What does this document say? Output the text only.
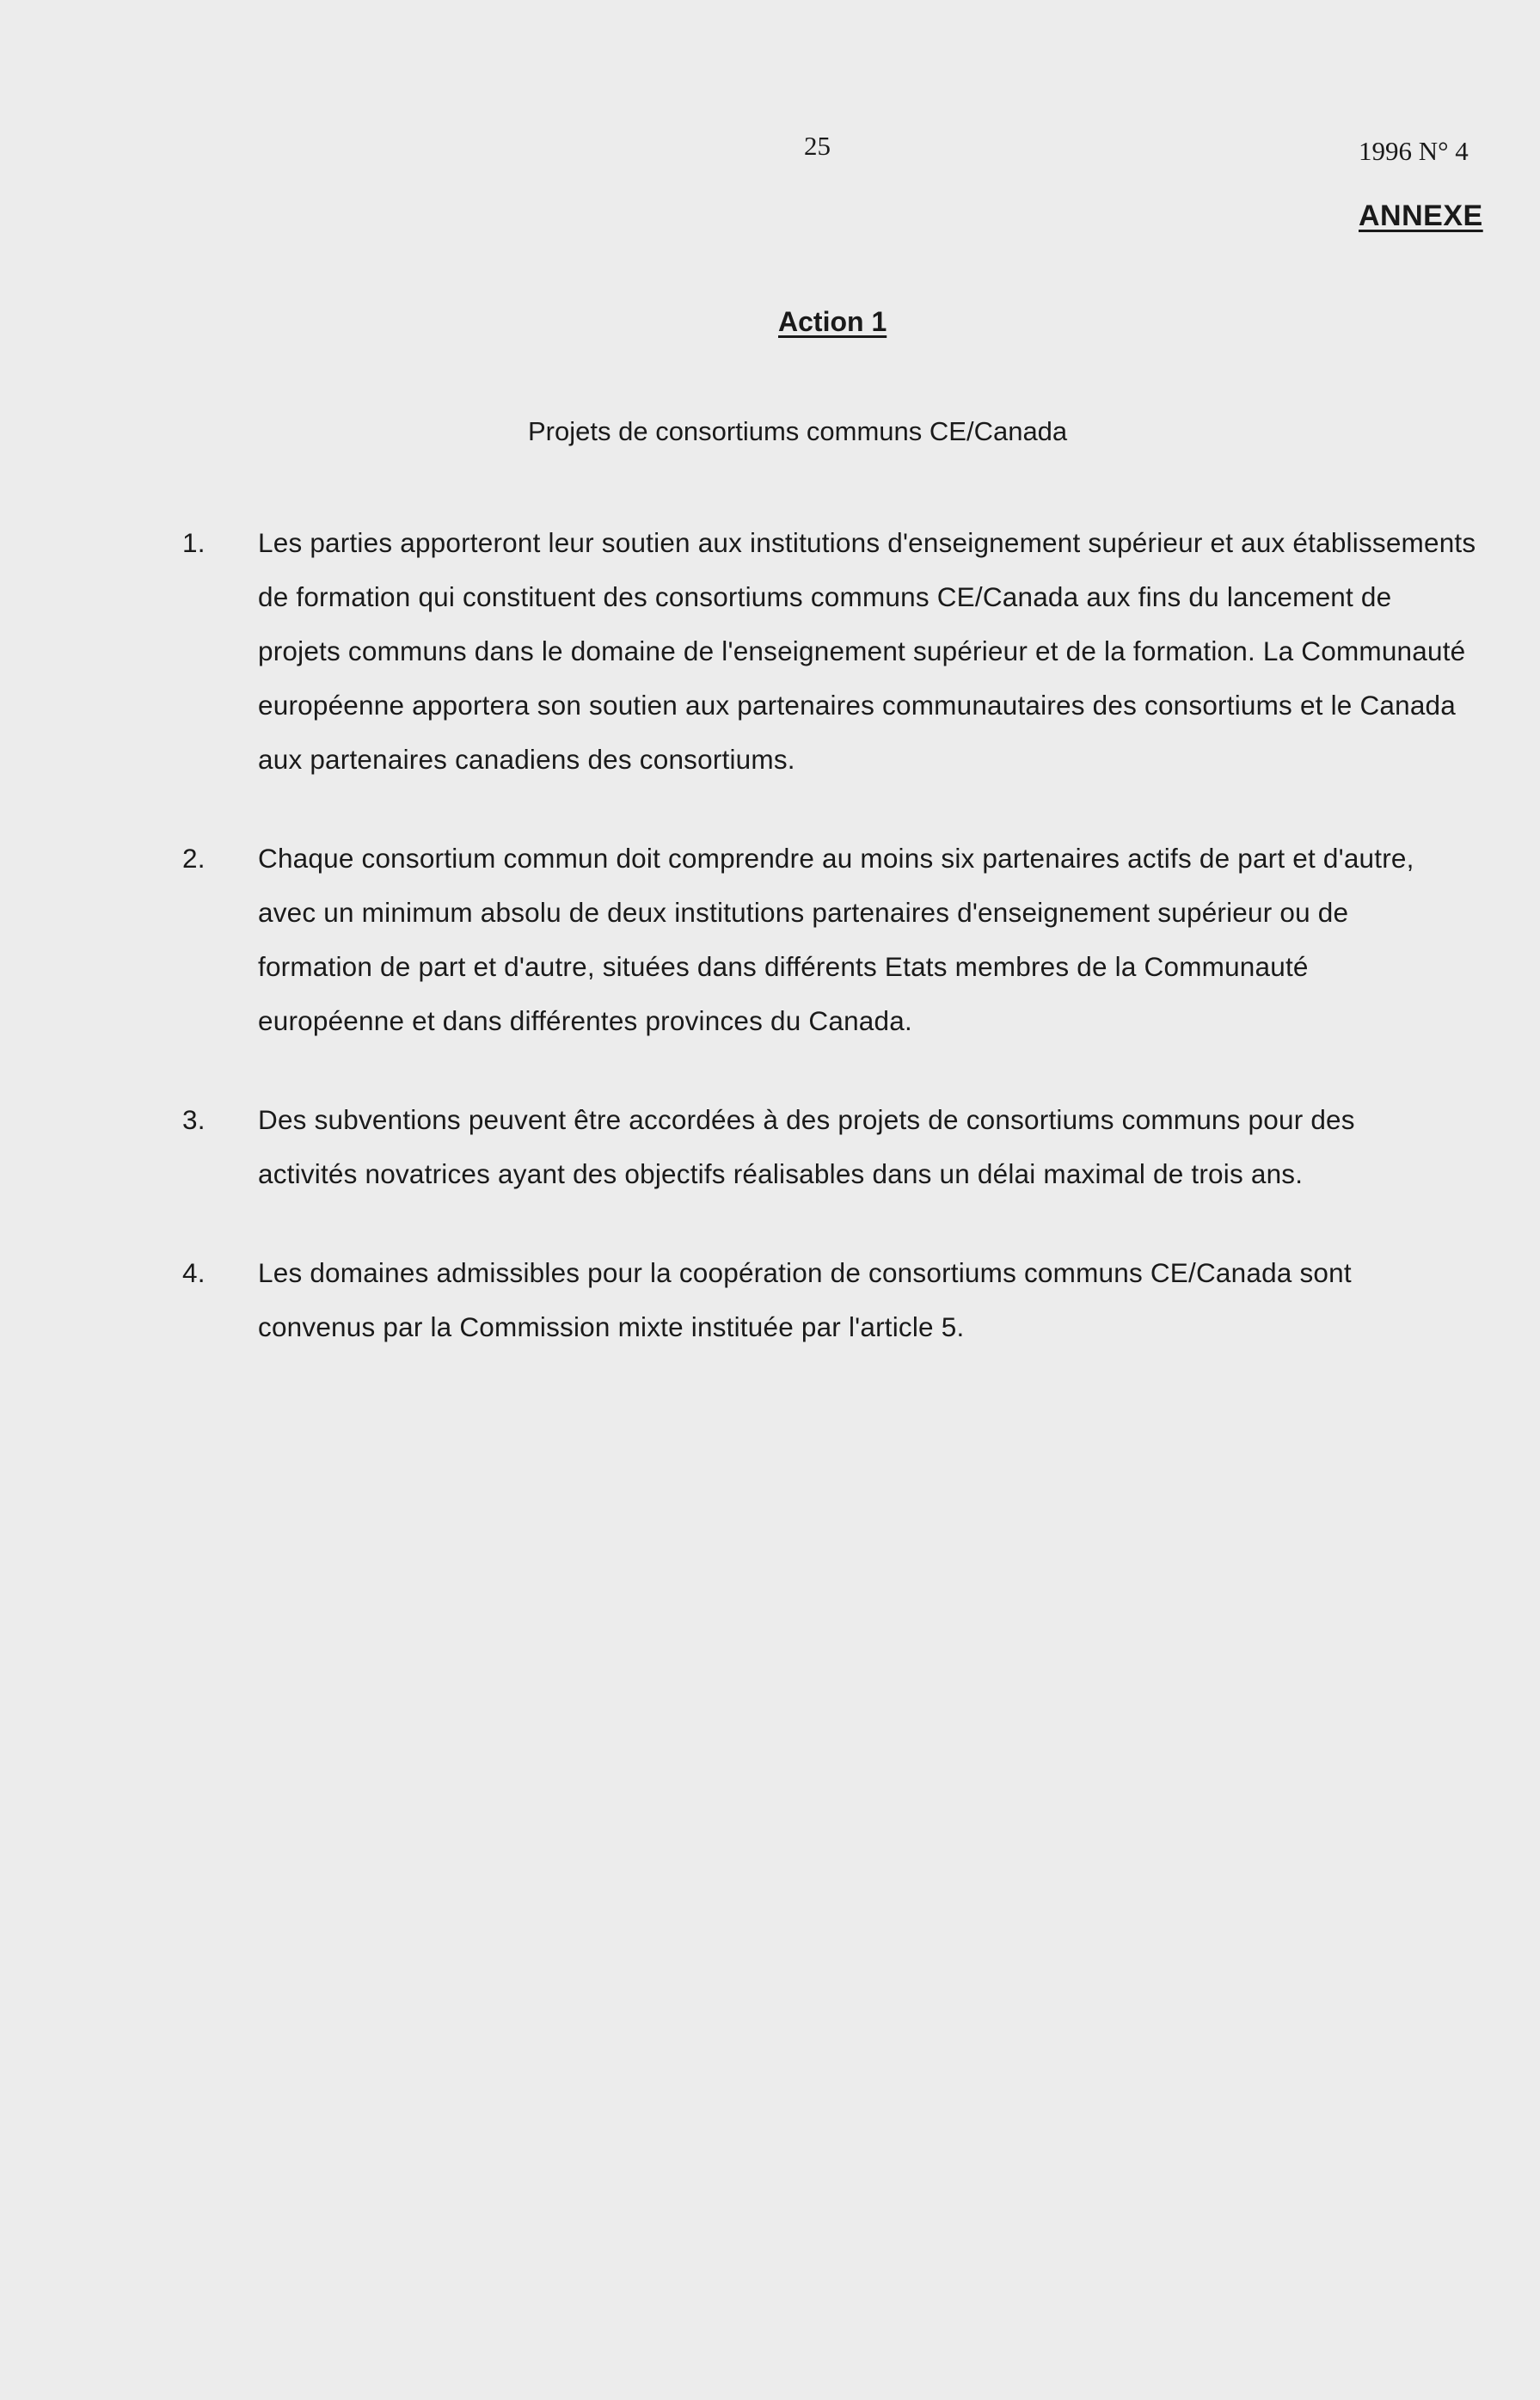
25	1996 N° 4
ANNEXE
Action 1
Projets de consortiums communs CE/Canada
1. Les parties apporteront leur soutien aux institutions d'enseignement supérieur et aux établissements de formation qui constituent des consortiums communs CE/Canada aux fins du lancement de projets communs dans le domaine de l'enseignement supérieur et de la formation. La Communauté européenne apportera son soutien aux partenaires communautaires des consortiums et le Canada aux partenaires canadiens des consortiums.
2. Chaque consortium commun doit comprendre au moins six partenaires actifs de part et d'autre, avec un minimum absolu de deux institutions partenaires d'enseignement supérieur ou de formation de part et d'autre, situées dans différents Etats membres de la Communauté européenne et dans différentes provinces du Canada.
3. Des subventions peuvent être accordées à des projets de consortiums communs pour des activités novatrices ayant des objectifs réalisables dans un délai maximal de trois ans.
4. Les domaines admissibles pour la coopération de consortiums communs CE/Canada sont convenus par la Commission mixte instituée par l'article 5.
